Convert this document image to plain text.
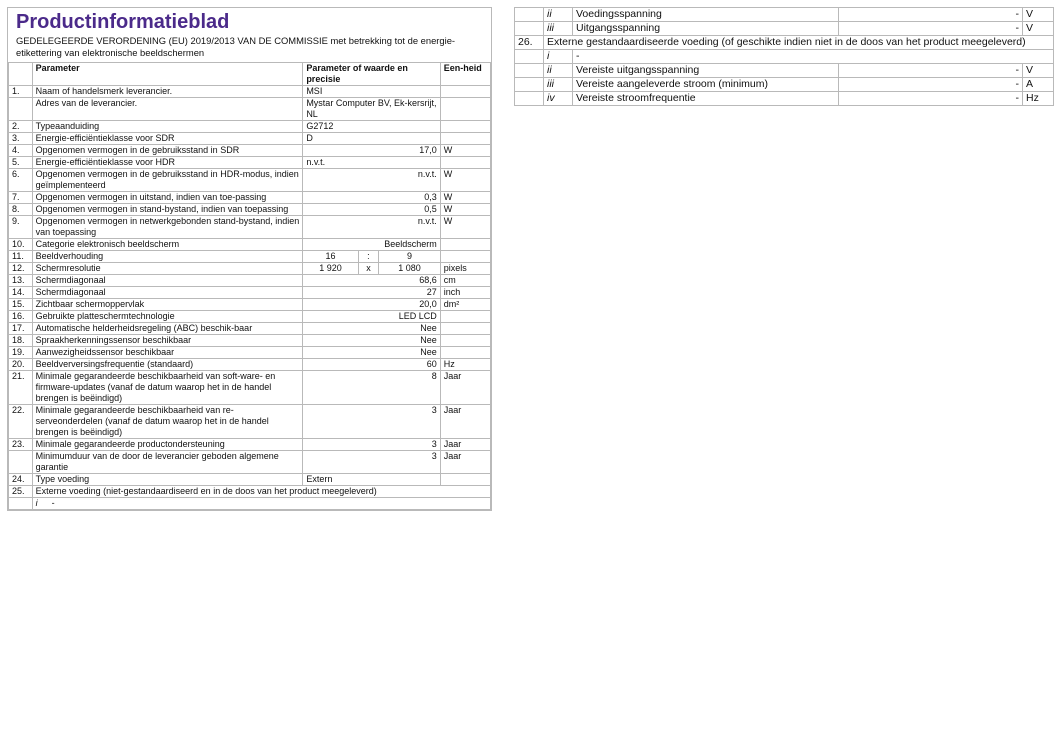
Productinformatieblad
GEDELEGEERDE VERORDENING (EU) 2019/2013 VAN DE COMMISSIE met betrekking tot de energie-etikettering van elektronische beeldschermen
	Parameter	Parameter of waarde en precisie			Een-heid
1.	Naam of handelsmerk leverancier.	MSI			
	Adres van de leverancier.	Mystar Computer BV, Ek-kersrijt, NL			
2.	Typeaanduiding	G2712			
3.	Energie-efficiëntieklasse voor SDR	D			
4.	Opgenomen vermogen in de gebruiksstand in SDR	17,0			W
5.	Energie-efficiëntieklasse voor HDR	n.v.t.			
6.	Opgenomen vermogen in de gebruiksstand in HDR-modus, indien geïmplementeerd	n.v.t.			W
7.	Opgenomen vermogen in uitstand, indien van toe-passing	0,3			W
8.	Opgenomen vermogen in stand-bystand, indien van toepassing	0,5			W
9.	Opgenomen vermogen in netwerkgebonden stand-bystand, indien van toepassing	n.v.t.			W
10.	Categorie elektronisch beeldscherm	Beeldscherm			
11.	Beeldverhouding	16	:	9	
12.	Schermresolutie	1 920	x	1 080	pixels
13.	Schermdiagonaal	68,6			cm
14.	Schermdiagonaal	27			inch
15.	Zichtbaar schermoppervlak	20,0			dm²
16.	Gebruikte platteschermtechnologie	LED LCD			
17.	Automatische helderheidsregeling (ABC) beschik-baar	Nee			
18.	Spraakherkenningssensor beschikbaar	Nee			
19.	Aanwezigheidssensor beschikbaar	Nee			
20.	Beeldverversingsfrequentie (standaard)	60			Hz
21.	Minimale gegarandeerde beschikbaarheid van soft-ware- en firmware-updates (vanaf de datum waarop het in de handel brengen is beëindigd)	8			Jaar
22.	Minimale gegarandeerde beschikbaarheid van re-serveonderdelen (vanaf de datum waarop het in de handel brengen is beëindigd)	3			Jaar
23.	Minimale gegarandeerde productondersteuning	3			Jaar
	Minimumduur van de door de leverancier geboden algemene garantie	3			Jaar
24.	Type voeding	Extern			
25.	Externe voeding (niet-gestandaardiseerd en in de doos van het product meegeleverd)				
	i -				
	ii	Voedingsspanning	-	V
	iii	Uitgangsspanning	-	V
26.	Externe gestandaardiseerde voeding (of geschikte indien niet in de doos van het product meegeleverd)			
	i	-		
	ii	Vereiste uitgangsspanning	-	V
	iii	Vereiste aangeleverde stroom (minimum)	-	A
	iv	Vereiste stroomfrequentie	-	Hz
